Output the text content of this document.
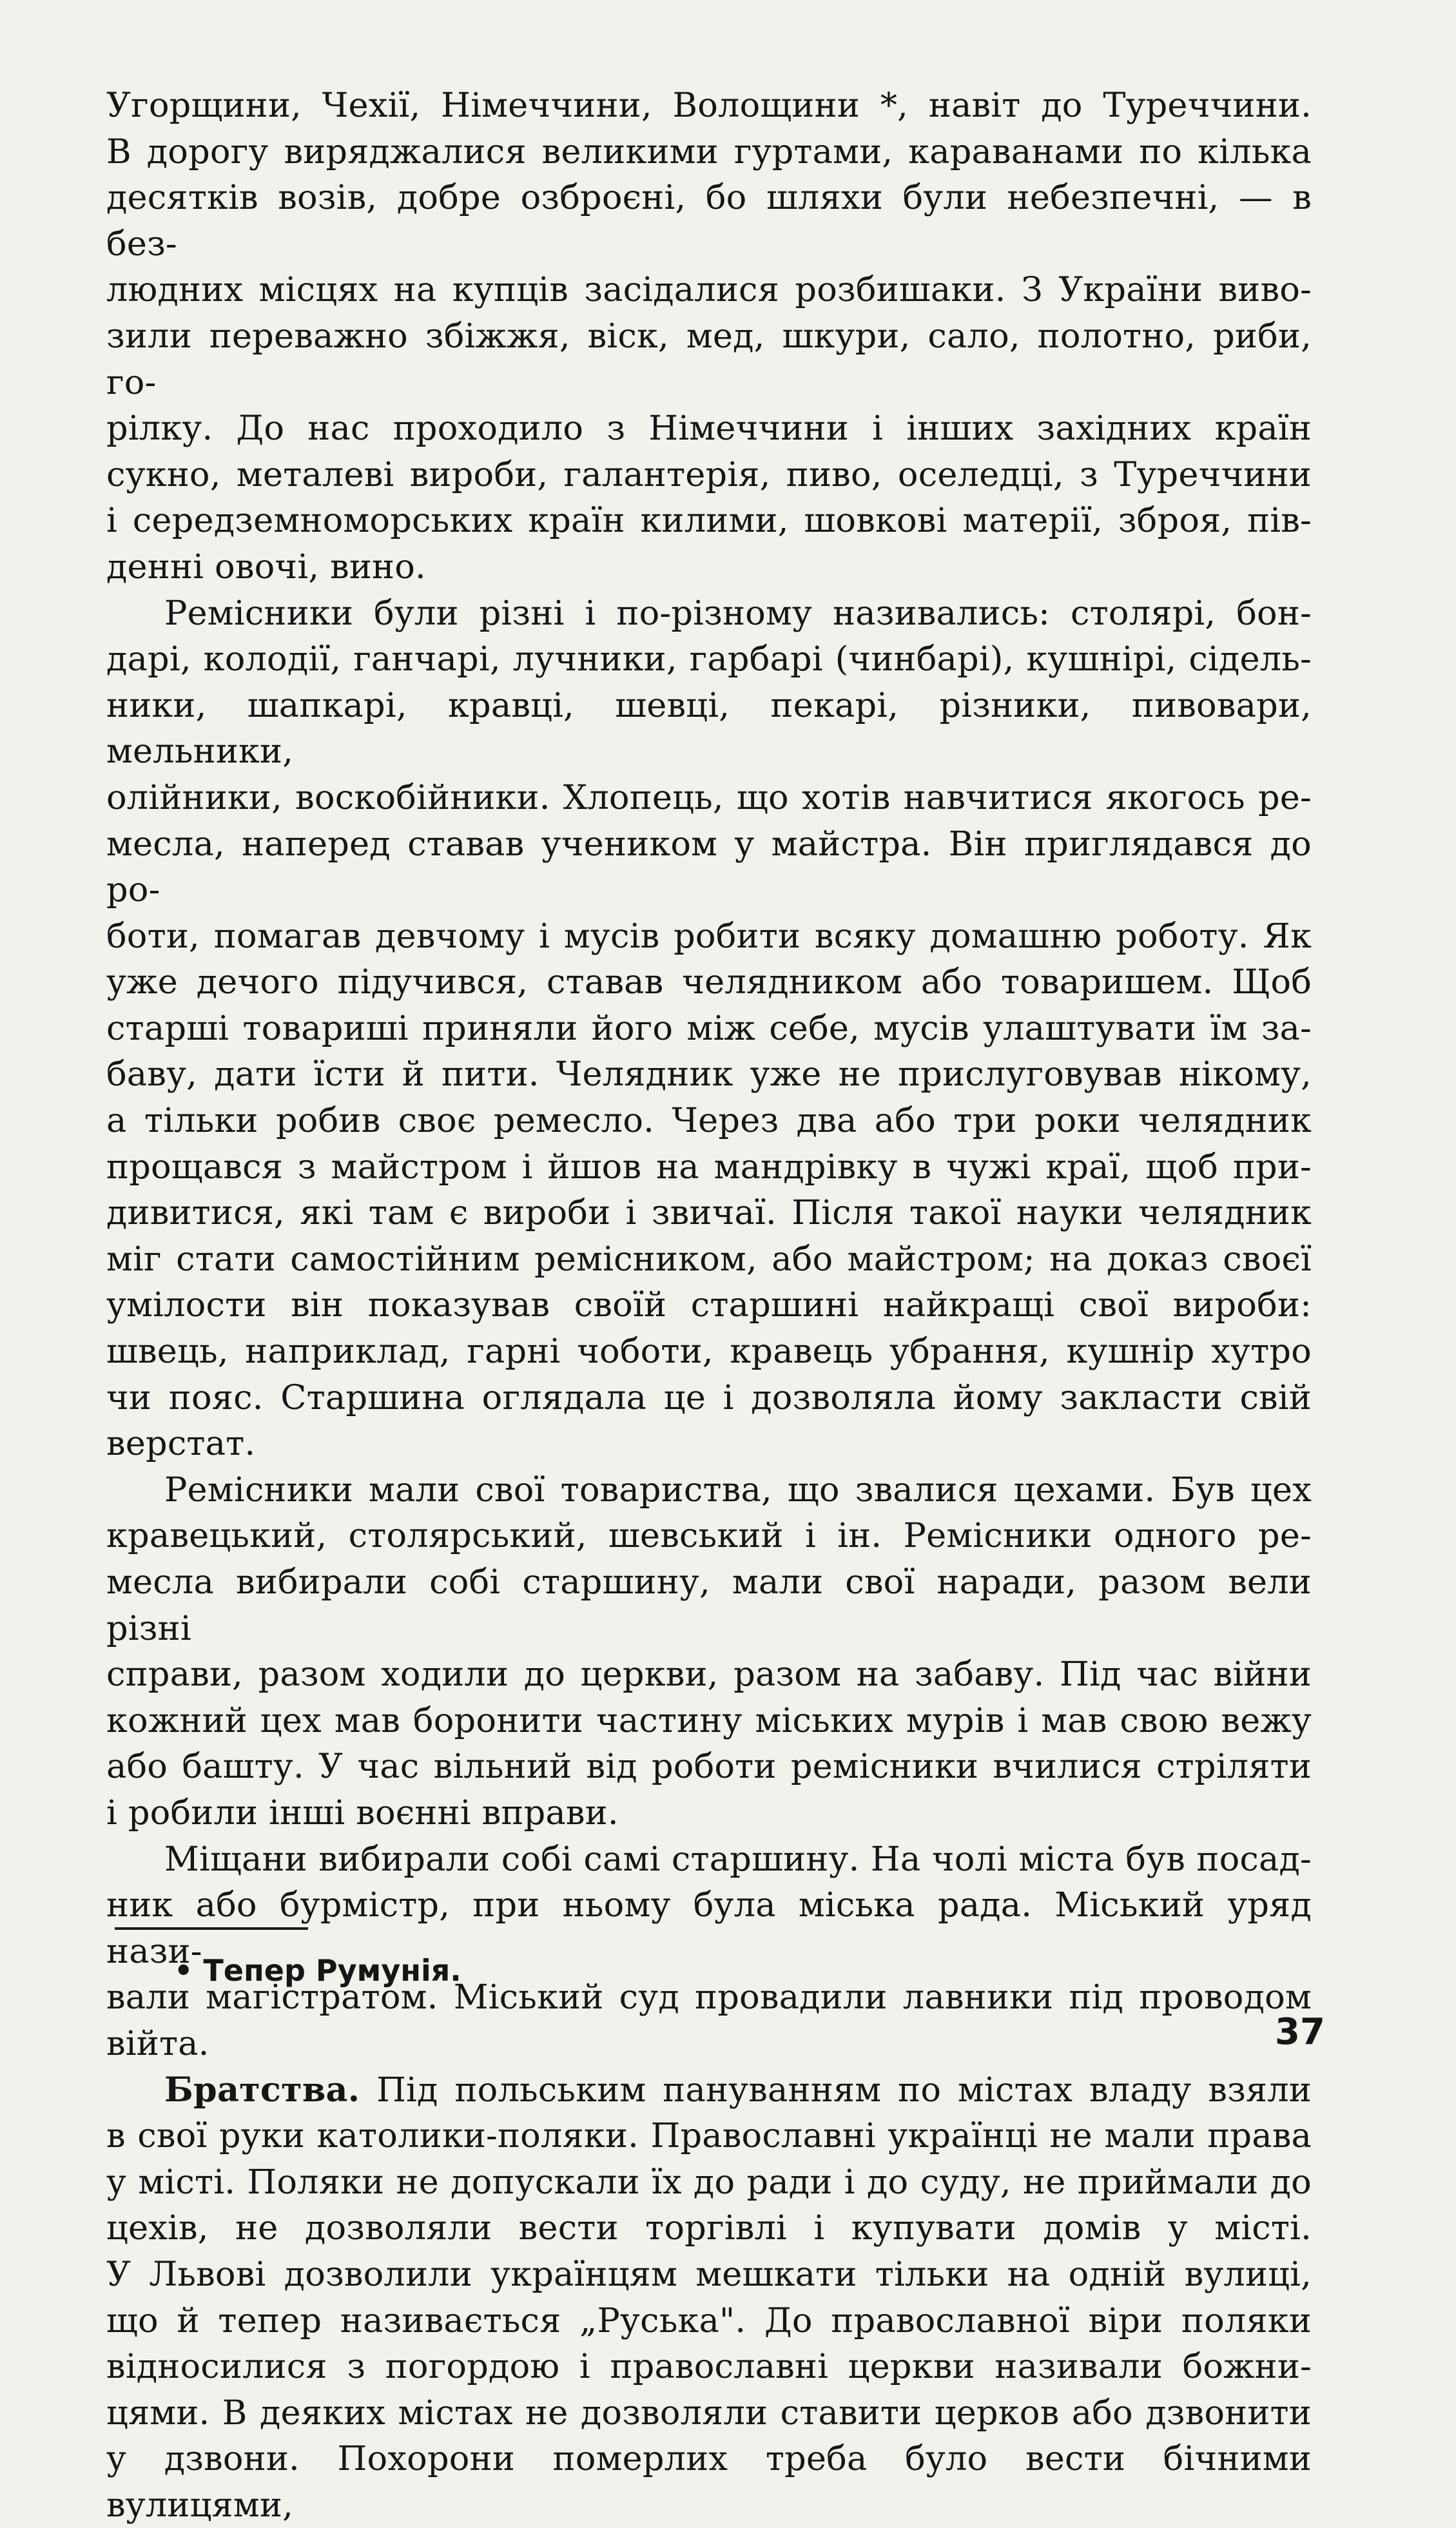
Угорщини, Чехії, Німеччини, Волощини *, навіт до Туреччини.

В дорогу виряджалися великими гуртами, караванами по кілька

десятків возів, добре озброєні, бо шляхи були небезпечні, — в без-

людних місцях на купців засідалися розбишаки. З України вивo-

зили переважно збіжжя, віск, мед, шкури, сало, полотно, риби, го-

рілку. До нас проходило з Німеччини і інших західних країн

сукно, металеві вироби, галантерія, пиво, оселедці, з Туреччини

і середземноморських країн килими, шовкові матерії, зброя, пів-

денні овочі, вино.

Ремісники були різні і по-різному називались: столярі, бон-

дарі, колодії, ганчарі, лучники, гарбарі (чинбарі), кушнірі, сідель-

ники, шапкарі, кравці, шевці, пекарі, різники, пивовари, мельники,

олійники, воскобійники. Хлопець, що хотів навчитися якогось ре-

месла, наперед ставав учеником у майстра. Він приглядався до ро-

боти, помагав девчому і мусів робити всяку домашню роботу. Як

уже дечого підучився, ставав челядником або товаришем. Щоб

старші товариші приняли його між себе, мусів улаштувати їм за-

баву, дати їсти й пити. Челядник уже не прислуговував нікому,

а тільки робив своє ремесло. Через два або три роки челядник

прощався з майстром і йшов на мандрівку в чужі краї, щоб при-

дивитися, які там є вироби і звичаї. Після такої науки челядник

міг стати самостійним ремісником, або майстром; на доказ своєї

умілости він показував своїй старшині найкращі свої вироби:

швець, наприклад, гарні чоботи, кравець убрання, кушнір хутро

чи пояс. Старшина оглядала це і дозволяла йому закласти свій

верстат.

Ремісники мали свої товариства, що звалися цехами. Був цех

кравецький, столярський, шевський і ін. Ремісники одного ре-

месла вибирали собі старшину, мали свої наради, разом вели різні

справи, разом ходили до церкви, разом на забаву. Під час війни

кожний цех мав боронити частину міських мурів і мав свою вежу

або башту. У час вільний від роботи ремісники вчилися стріляти

і робили інші воєнні вправи.

Міщани вибирали собі самі старшину. На чолі міста був посад-

ник або бурмістр, при ньому була міська рада. Міський уряд нази-

вали магістратом. Міський суд провадили лавники під проводом

війта.

Братства. Під польським пануванням по містах владу взяли

в свої руки католики-поляки. Православні українці не мали права

у місті. Поляки не допускали їх до ради і до суду, не приймали до

цехів, не дозволяли вести торгівлі і купувати домів у місті.

У Львові дозволили українцям мешкати тільки на одній вулиці,

що й тепер називається „Руська". До православної віри поляки

відносилися з погордою і православні церкви називали божни-

цями. В деяких містах не дозволяли ставити церков або дзвонити

у дзвони. Похорони померлих треба було вести бічними вулицями,

• Тепер Румунія.
37
